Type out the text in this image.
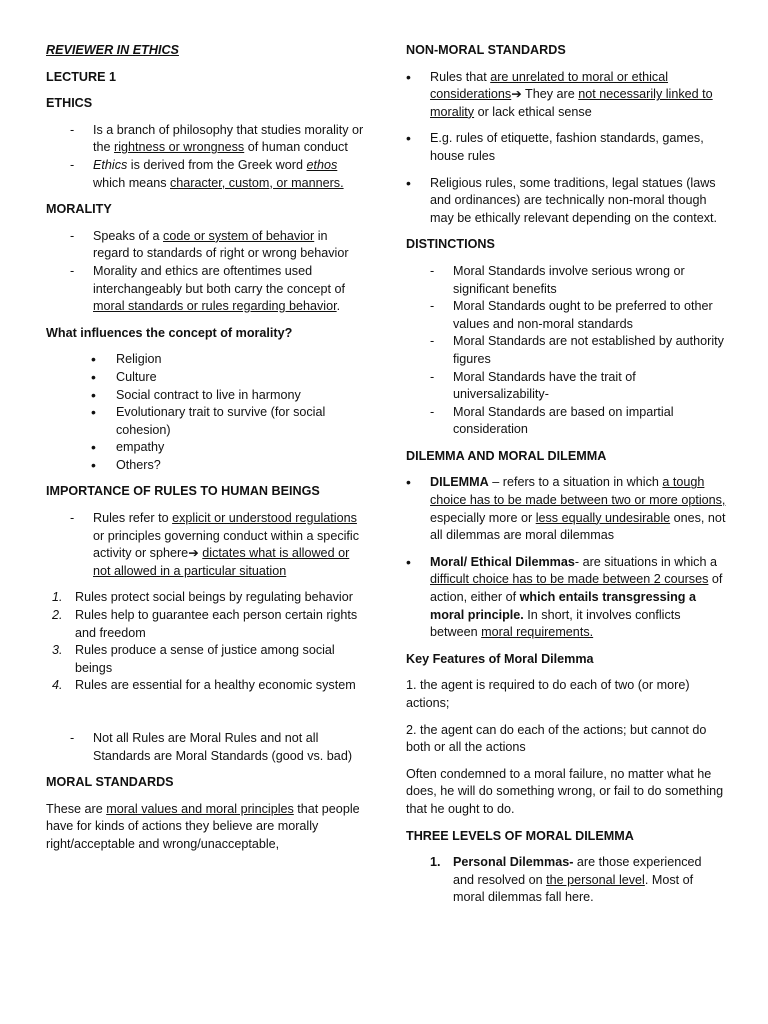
REVIEWER IN ETHICS

LECTURE 1

ETHICS

- Is a branch of philosophy that studies morality or the rightness or wrongness of human conduct
- Ethics is derived from the Greek word ethos which means character, custom, or manners.

MORALITY

- Speaks of a code or system of behavior in regard to standards of right or wrong behavior
- Morality and ethics are oftentimes used interchangeably but both carry the concept of moral standards or rules regarding behavior.

What influences the concept of morality?

• Religion
• Culture
• Social contract to live in harmony
• Evolutionary trait to survive (for social cohesion)
• empathy
• Others?

IMPORTANCE OF RULES TO HUMAN BEINGS

- Rules refer to explicit or understood regulations or principles governing conduct within a specific activity or sphere➔ dictates what is allowed or not allowed in a particular situation
1. Rules protect social beings by regulating behavior
2. Rules help to guarantee each person certain rights and freedom
3. Rules produce a sense of justice among social beings
4. Rules are essential for a healthy economic system
- Not all Rules are Moral Rules and not all Standards are Moral Standards (good vs. bad)

MORAL STANDARDS

These are moral values and moral principles that people have for kinds of actions they believe are morally right/acceptable and wrong/unacceptable,

NON-MORAL STANDARDS

• Rules that are unrelated to moral or ethical considerations➔ They are not necessarily linked to morality or lack ethical sense
• E.g. rules of etiquette, fashion standards, games, house rules
• Religious rules, some traditions, legal statues (laws and ordinances) are technically non-moral though may be ethically relevant depending on the context.

DISTINCTIONS

- Moral Standards involve serious wrong or significant benefits
- Moral Standards ought to be preferred to other values and non-moral standards
- Moral Standards are not established by authority figures
- Moral Standards have the trait of universalizability-
- Moral Standards are based on impartial consideration

DILEMMA AND MORAL DILEMMA

• DILEMMA – refers to a situation in which a tough choice has to be made between two or more options, especially more or less equally undesirable ones, not all dilemmas are moral dilemmas
• Moral/ Ethical Dilemmas- are situations in which a difficult choice has to be made between 2 courses of action, either of which entails transgressing a moral principle. In short, it involves conflicts between moral requirements.

Key Features of Moral Dilemma

1. the agent is required to do each of two (or more) actions;

2. the agent can do each of the actions; but cannot do both or all the actions

Often condemned to a moral failure, no matter what he does, he will do something wrong, or fail to do something that he ought to do.

THREE LEVELS OF MORAL DILEMMA

1. Personal Dilemmas- are those experienced and resolved on the personal level. Most of moral dilemmas fall here.
